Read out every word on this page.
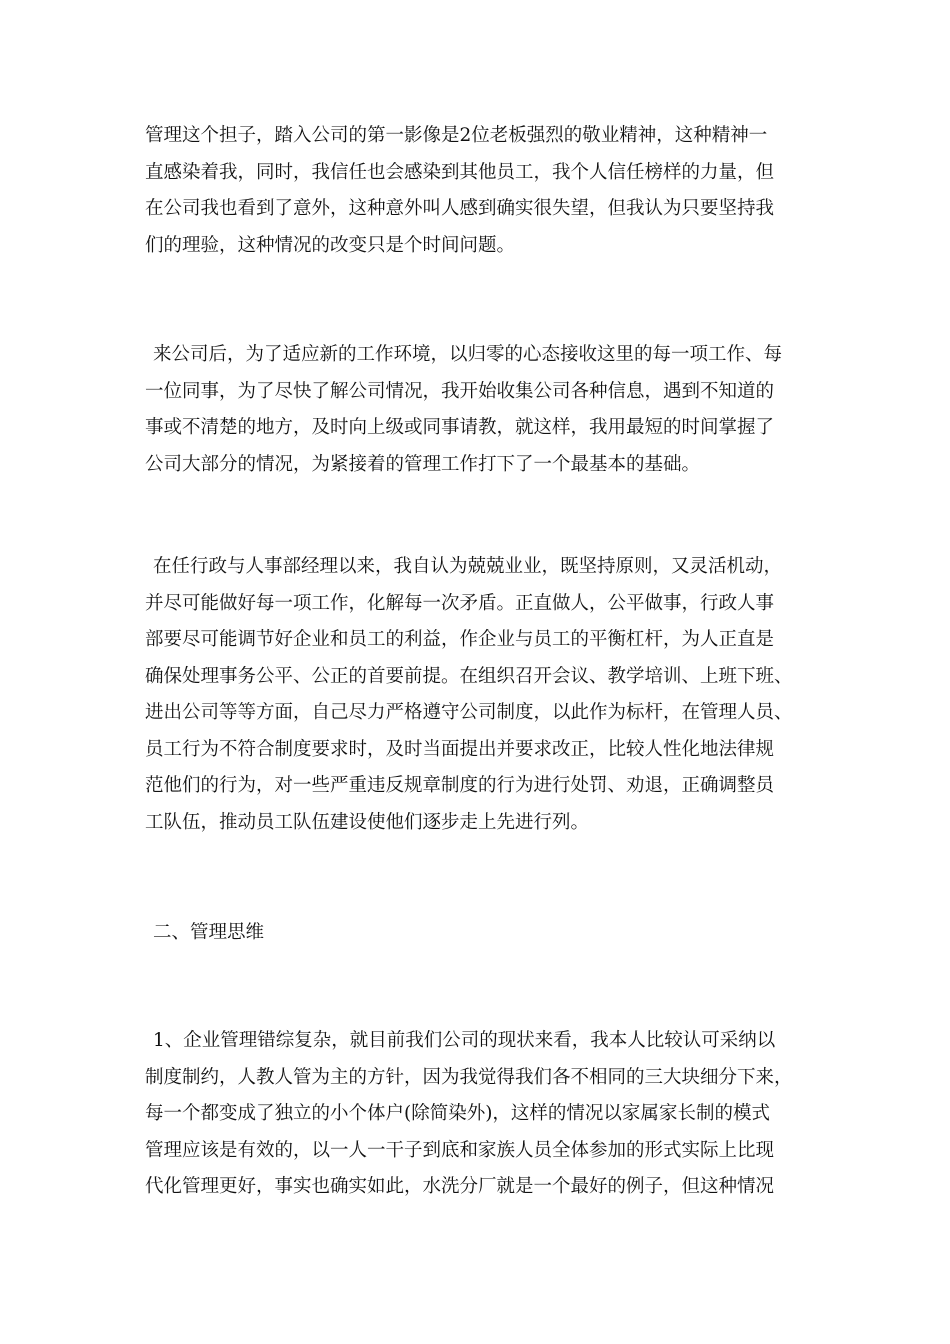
管理这个担子，踏入公司的第一影像是2位老板强烈的敬业精神，这种精神一
直感染着我，同时，我信任也会感染到其他员工，我个人信任榜样的力量，但
在公司我也看到了意外，这种意外叫人感到确实很失望，但我认为只要坚持我
们的理验，这种情况的改变只是个时间问题。
来公司后，为了适应新的工作环境，以归零的心态接收这里的每一项工作、每
一位同事，为了尽快了解公司情况，我开始收集公司各种信息，遇到不知道的
事或不清楚的地方，及时向上级或同事请教，就这样，我用最短的时间掌握了
公司大部分的情况，为紧接着的管理工作打下了一个最基本的基础。
在任行政与人事部经理以来，我自认为兢兢业业，既坚持原则，又灵活机动，
并尽可能做好每一项工作，化解每一次矛盾。正直做人，公平做事，行政人事
部要尽可能调节好企业和员工的利益，作企业与员工的平衡杠杆，为人正直是
确保处理事务公平、公正的首要前提。在组织召开会议、教学培训、上班下班、
进出公司等等方面，自己尽力严格遵守公司制度，以此作为标杆，在管理人员、
员工行为不符合制度要求时，及时当面提出并要求改正，比较人性化地法律规
范他们的行为，对一些严重违反规章制度的行为进行处罚、劝退，正确调整员
工队伍，推动员工队伍建设使他们逐步走上先进行列。
二、管理思维
1、企业管理错综复杂，就目前我们公司的现状来看，我本人比较认可采纳以
制度制约，人教人管为主的方针，因为我觉得我们各不相同的三大块细分下来，
每一个都变成了独立的小个体户(除简染外)，这样的情况以家属家长制的模式
管理应该是有效的，以一人一干子到底和家族人员全体参加的形式实际上比现
代化管理更好，事实也确实如此，水洗分厂就是一个最好的例子，但这种情况
